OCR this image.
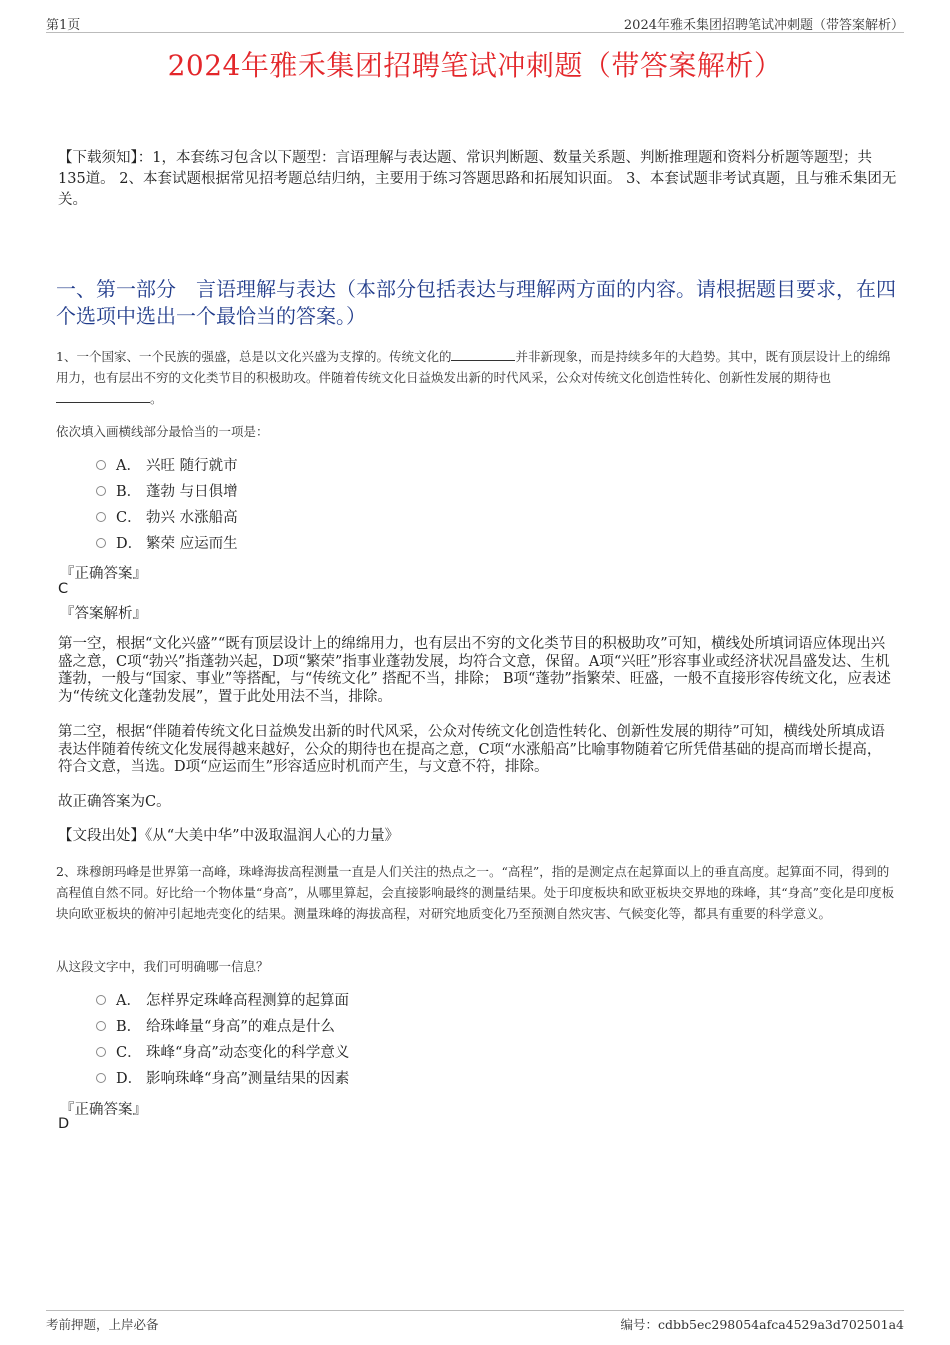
第1页	2024年雅禾集团招聘笔试冲刺题（带答案解析）
2024年雅禾集团招聘笔试冲刺题（带答案解析）
【下载须知】：1，本套练习包含以下题型：言语理解与表达题、常识判断题、数量关系题、判断推理题和资料分析题等题型；共135道。 2、本套试题根据常见招考题总结归纳，主要用于练习答题思路和拓展知识面。 3、本套试题非考试真题，且与雅禾集团无关。
一、第一部分　言语理解与表达（本部分包括表达与理解两方面的内容。请根据题目要求，在四个选项中选出一个最恰当的答案。）
1、一个国家、一个民族的强盛，总是以文化兴盛为支撑的。传统文化的	并非新现象，而是持续多年的大趋势。其中，既有顶层设计上的绵绵用力，也有层出不穷的文化类节目的积极助攻。伴随着传统文化日益焕发出新的时代风采，公众对传统文化创造性转化、创新性发展的期待也。
依次填入画横线部分最恰当的一项是：
A． 兴旺 随行就市
B． 蓬勃 与日俱增
C． 勃兴 水涨船高
D． 繁荣 应运而生
『正确答案』
C
『答案解析』
第一空，根据“文化兴盛”“既有顶层设计上的绵绵用力，也有层出不穷的文化类节目的积极助攻”可知，横线处所填词语应体现出兴盛之意，C项“勃兴”指蓬勃兴起，D项“繁荣”指事业蓬勃发展，均符合文意，保留。A项“兴旺”形容事业或经济状况昌盛发达、生机蓬勃，一般与“国家、事业”等搭配，与“传统文化” 搭配不当，排除； B项“蓬勃”指繁荣、旺盛，一般不直接形容传统文化，应表述为“传统文化蓬勃发展”，置于此处用法不当，排除。
第二空，根据“伴随着传统文化日益焕发出新的时代风采，公众对传统文化创造性转化、创新性发展的期待”可知，横线处所填成语表达伴随着传统文化发展得越来越好，公众的期待也在提高之意，C项“水涨船高”比喻事物随着它所凭借基础的提高而增长提高，符合文意，当选。D项“应运而生”形容适应时机而产生，与文意不符，排除。
故正确答案为C。
【文段出处】《从“大美中华”中汲取温润人心的力量》
2、珠穆朗玛峰是世界第一高峰，珠峰海拔高程测量一直是人们关注的热点之一。“高程”，指的是测定点在起算面以上的垂直高度。起算面不同，得到的高程值自然不同。好比给一个物体量“身高”，从哪里算起，会直接影响最终的测量结果。处于印度板块和欧亚板块交界地的珠峰，其“身高”变化是印度板块向欧亚板块的俯冲引起地壳变化的结果。测量珠峰的海拔高程，对研究地质变化乃至预测自然灾害、气候变化等，都具有重要的科学意义。
从这段文字中，我们可明确哪一信息？
A． 怎样界定珠峰高程测算的起算面
B． 给珠峰量“身高”的难点是什么
C． 珠峰“身高”动态变化的科学意义
D． 影响珠峰“身高”测量结果的因素
『正确答案』
D
考前押题，上岸必备	编号：cdbb5ec298054afca4529a3d702501a4
